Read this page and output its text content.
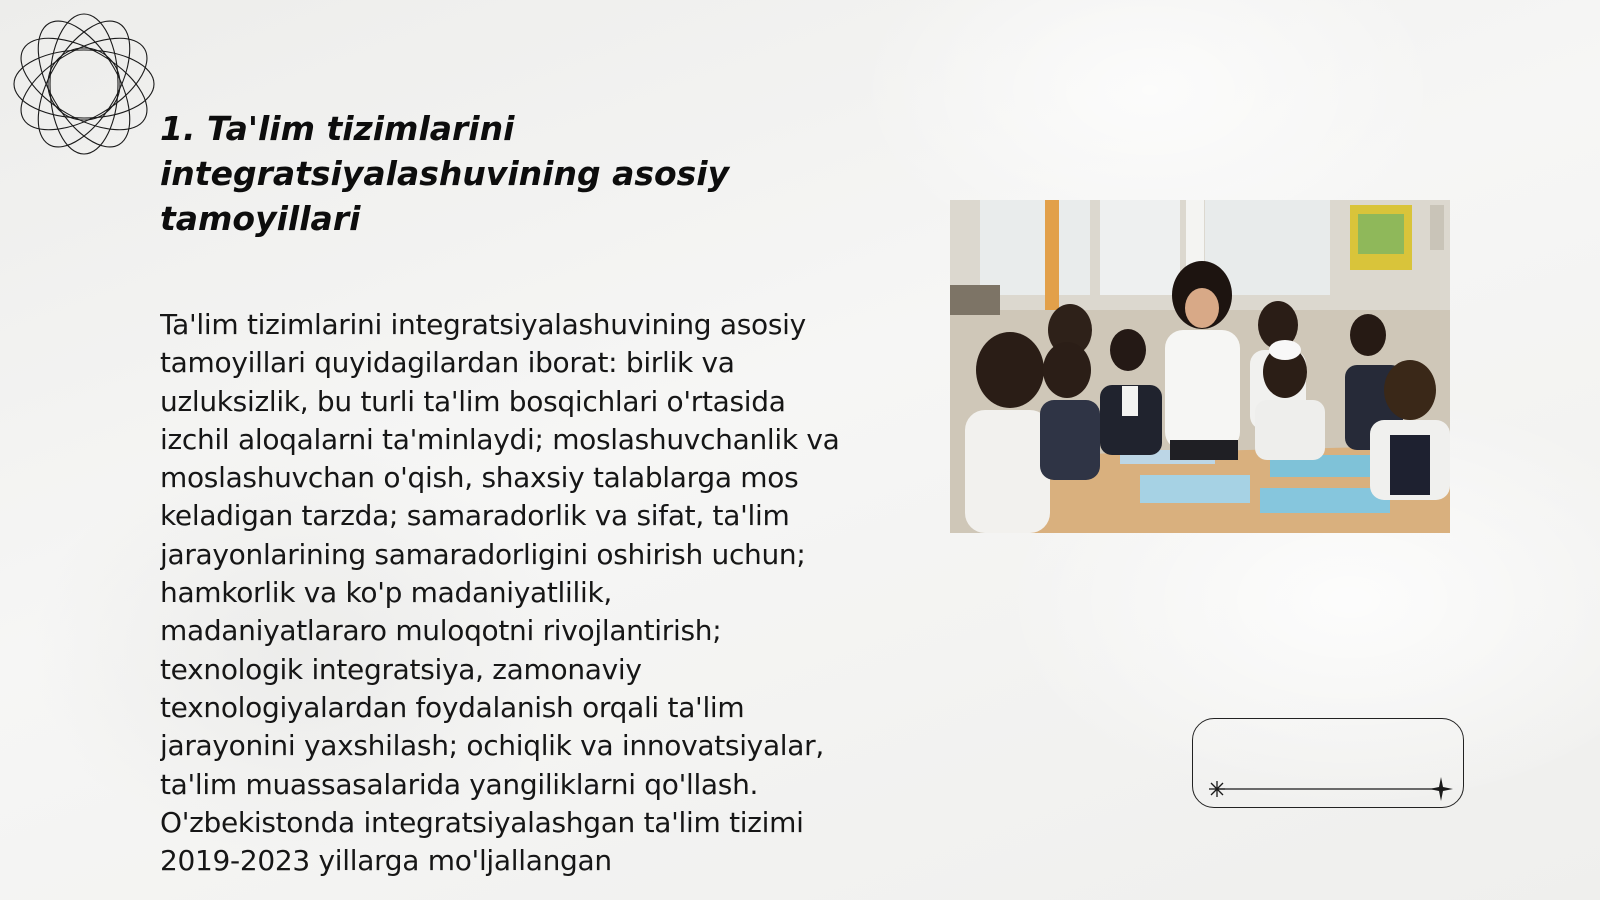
1. Ta'lim tizimlarini integratsiyalashuvining asosiy tamoyillari

Ta'lim tizimlarini integratsiyalashuvining asosiy tamoyillari quyidagilardan iborat: birlik va uzluksizlik, bu turli ta'lim bosqichlari o'rtasida izchil aloqalarni ta'minlaydi; moslashuvchanlik va moslashuvchan o'qish, shaxsiy talablarga mos keladigan tarzda; samaradorlik va sifat, ta'lim jarayonlarining samaradorligini oshirish uchun; hamkorlik va ko'p madaniyatlilik, madaniyatlararo muloqotni rivojlantirish; texnologik integratsiya, zamonaviy texnologiyalardan foydalanish orqali ta'lim jarayonini yaxshilash; ochiqlik va innovatsiyalar, ta'lim muassasalarida yangiliklarni qo'llash. O'zbekistonda integratsiyalashgan ta'lim tizimi 2019-2023 yillarga mo'ljallangan
